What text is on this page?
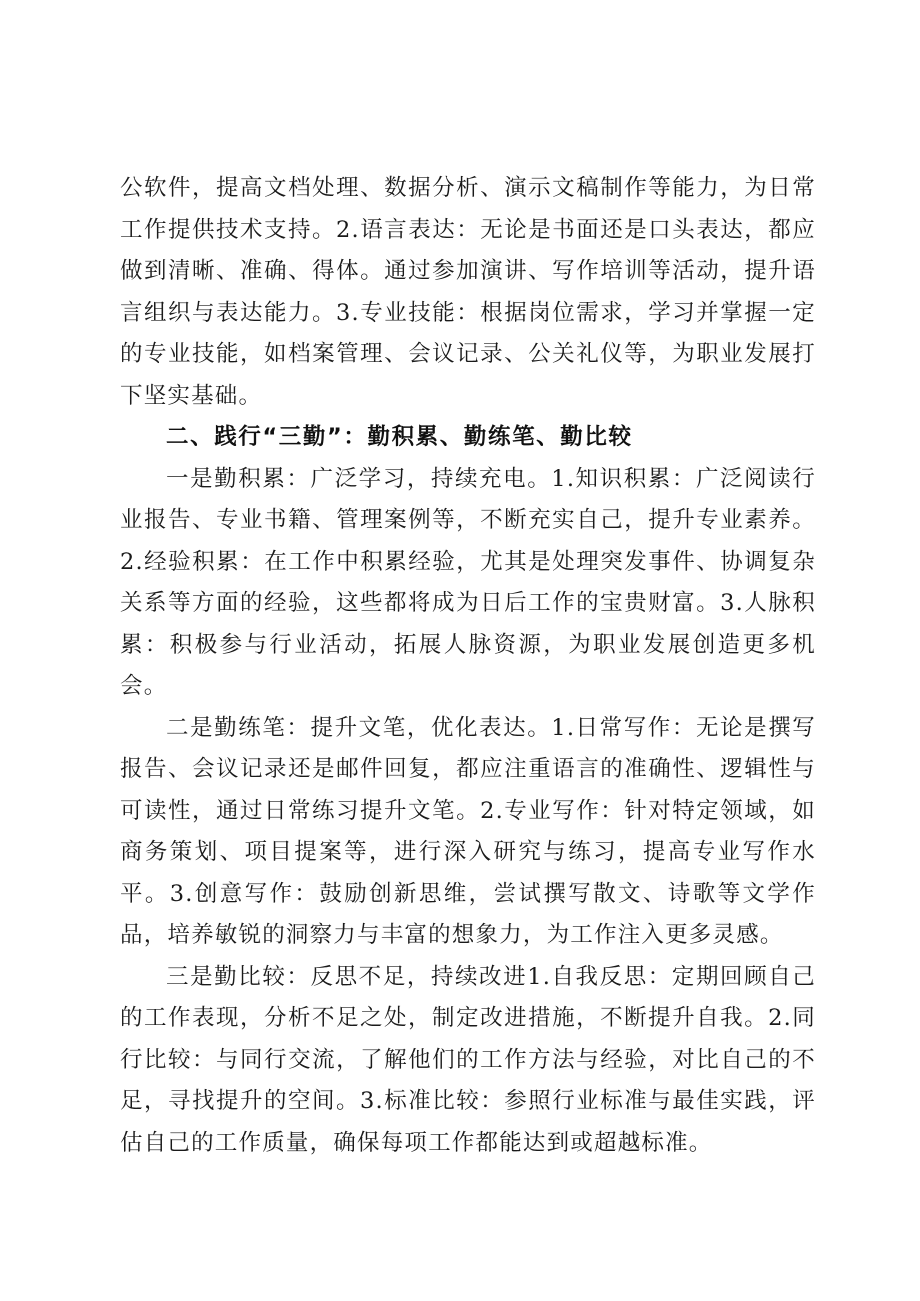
公软件，提高文档处理、数据分析、演示文稿制作等能力，为日常工作提供技术支持。2.语言表达：无论是书面还是口头表达，都应做到清晰、准确、得体。通过参加演讲、写作培训等活动，提升语言组织与表达能力。3.专业技能：根据岗位需求，学习并掌握一定的专业技能，如档案管理、会议记录、公关礼仪等，为职业发展打下坚实基础。

二、践行“三勤”：勤积累、勤练笔、勤比较

一是勤积累：广泛学习，持续充电。1.知识积累：广泛阅读行业报告、专业书籍、管理案例等，不断充实自己，提升专业素养。2.经验积累：在工作中积累经验，尤其是处理突发事件、协调复杂关系等方面的经验，这些都将成为日后工作的宝贵财富。3.人脉积累：积极参与行业活动，拓展人脉资源，为职业发展创造更多机会。

二是勤练笔：提升文笔，优化表达。1.日常写作：无论是撰写报告、会议记录还是邮件回复，都应注重语言的准确性、逻辑性与可读性，通过日常练习提升文笔。2.专业写作：针对特定领域，如商务策划、项目提案等，进行深入研究与练习，提高专业写作水平。3.创意写作：鼓励创新思维，尝试撰写散文、诗歌等文学作品，培养敏锐的洞察力与丰富的想象力，为工作注入更多灵感。

三是勤比较：反思不足，持续改进1.自我反思：定期回顾自己的工作表现，分析不足之处，制定改进措施，不断提升自我。2.同行比较：与同行交流，了解他们的工作方法与经验，对比自己的不足，寻找提升的空间。3.标准比较：参照行业标准与最佳实践，评估自己的工作质量，确保每项工作都能达到或超越标准。
